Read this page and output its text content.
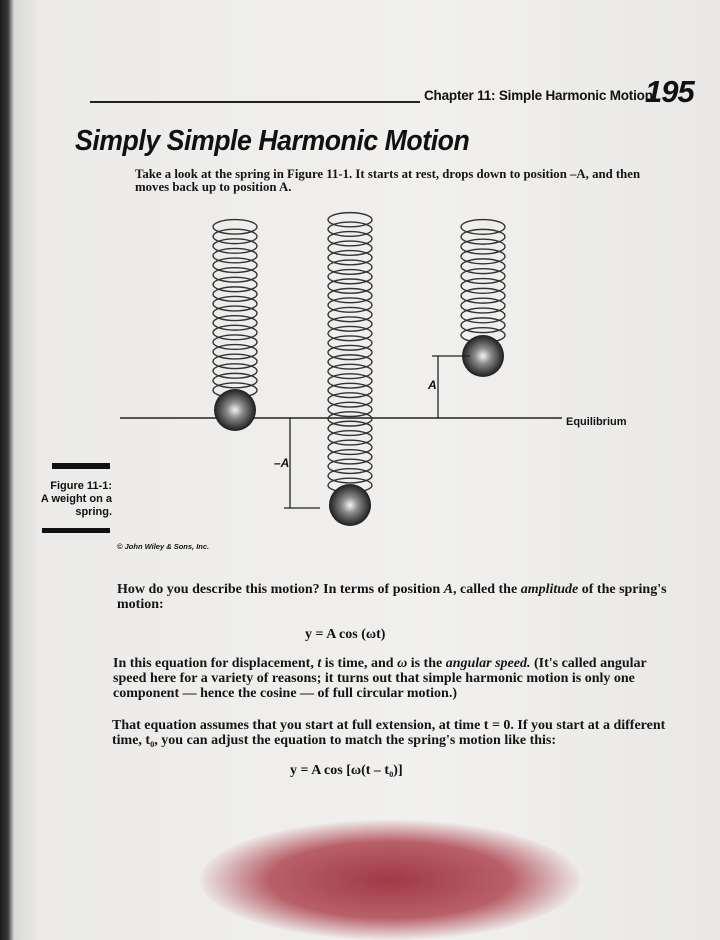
Chapter 11: Simple Harmonic Motion
195
Simply Simple Harmonic Motion
Take a look at the spring in Figure 11-1. It starts at rest, drops down to position –A, and then moves back up to position A.
A
–A
Equilibrium
Figure 11-1:
A weight on a spring.
© John Wiley & Sons, Inc.
How do you describe this motion? In terms of position A, called the amplitude of the spring's motion:
y = A cos (ωt)
In this equation for displacement, t is time, and ω is the angular speed. (It's called angular speed here for a variety of reasons; it turns out that simple harmonic motion is only one component — hence the cosine — of full circular motion.)
That equation assumes that you start at full extension, at time t = 0. If you start at a different time, t₀, you can adjust the equation to match the spring's motion like this:
y = A cos [ω(t – t₀)]
